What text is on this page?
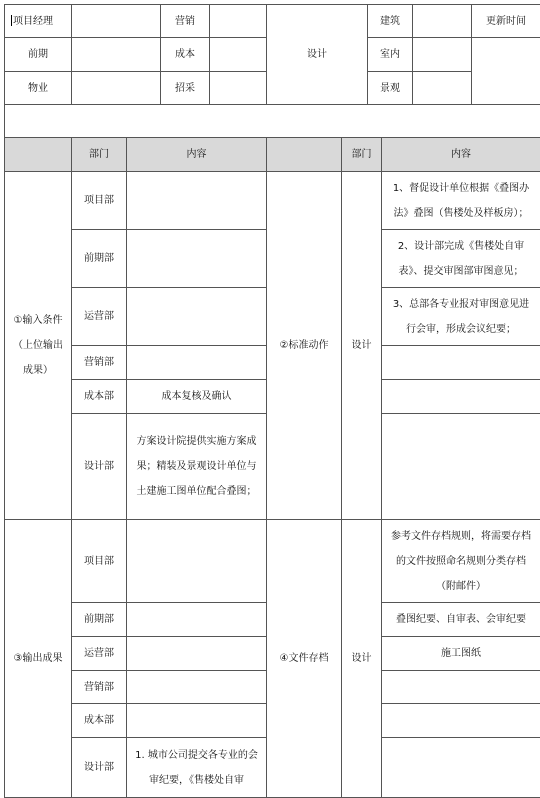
项目经理		营销		设计	建筑		更新时间
前期		成本			室内		
物业		招采			景观		

	部门	内容		部门	内容
①输入条件（上位输出成果）	项目部		②标准动作	设计	1、督促设计单位根据《叠图办法》叠图（售楼处及样板房）；
	前期部				2、设计部完成《售楼处自审表》、提交审图部审图意见；
	运营部				3、总部各专业报对审图意见进行会审，形成会议纪要；
	营销部				
	成本部	成本复核及确认			
	设计部	方案设计院提供实施方案成果；精装及景观设计单位与土建施工图单位配合叠图；			
③输出成果	项目部		④文件存档	设计	参考文件存档规则，将需要存档的文件按照命名规则分类存档（附邮件）
	前期部				叠图纪要、自审表、会审纪要
	运营部				施工图纸
	营销部				
	成本部				
	设计部	1. 城市公司提交各专业的会审纪要，《售楼处自审			
